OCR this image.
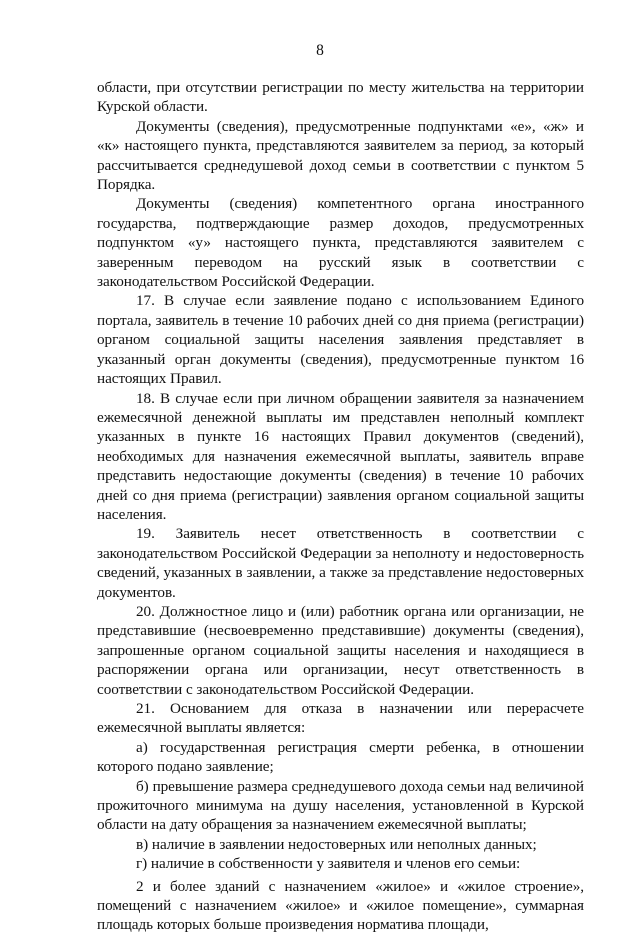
8

области, при отсутствии регистрации по месту жительства на территории Курской области.

Документы (сведения), предусмотренные подпунктами «е», «ж» и «к» настоящего пункта, представляются заявителем за период, за который рассчитывается среднедушевой доход семьи в соответствии с пунктом 5 Порядка.

Документы (сведения) компетентного органа иностранного государства, подтверждающие размер доходов, предусмотренных подпунктом «у» настоящего пункта, представляются заявителем с заверенным переводом на русский язык в соответствии с законодательством Российской Федерации.

17. В случае если заявление подано с использованием Единого портала, заявитель в течение 10 рабочих дней со дня приема (регистрации) органом социальной защиты населения заявления представляет в указанный орган документы (сведения), предусмотренные пунктом 16 настоящих Правил.

18. В случае если при личном обращении заявителя за назначением ежемесячной денежной выплаты им представлен неполный комплект указанных в пункте 16 настоящих Правил документов (сведений), необходимых для назначения ежемесячной выплаты, заявитель вправе представить недостающие документы (сведения) в течение 10 рабочих дней со дня приема (регистрации) заявления органом социальной защиты населения.

19. Заявитель несет ответственность в соответствии с законодательством Российской Федерации за неполноту и недостоверность сведений, указанных в заявлении, а также за представление недостоверных документов.

20. Должностное лицо и (или) работник органа или организации, не представившие (несвоевременно представившие) документы (сведения), запрошенные органом социальной защиты населения и находящиеся в распоряжении органа или организации, несут ответственность в соответствии с законодательством Российской Федерации.

21. Основанием для отказа в назначении или перерасчете ежемесячной выплаты является:

а) государственная регистрация смерти ребенка, в отношении которого подано заявление;

б) превышение размера среднедушевого дохода семьи над величиной прожиточного минимума на душу населения, установленной в Курской области на дату обращения за назначением ежемесячной выплаты;

в) наличие в заявлении недостоверных или неполных данных;

г) наличие в собственности у заявителя и членов его семьи:

2 и более зданий с назначением «жилое» и «жилое строение», помещений с назначением «жилое» и «жилое помещение», суммарная площадь которых больше произведения норматива площади,
